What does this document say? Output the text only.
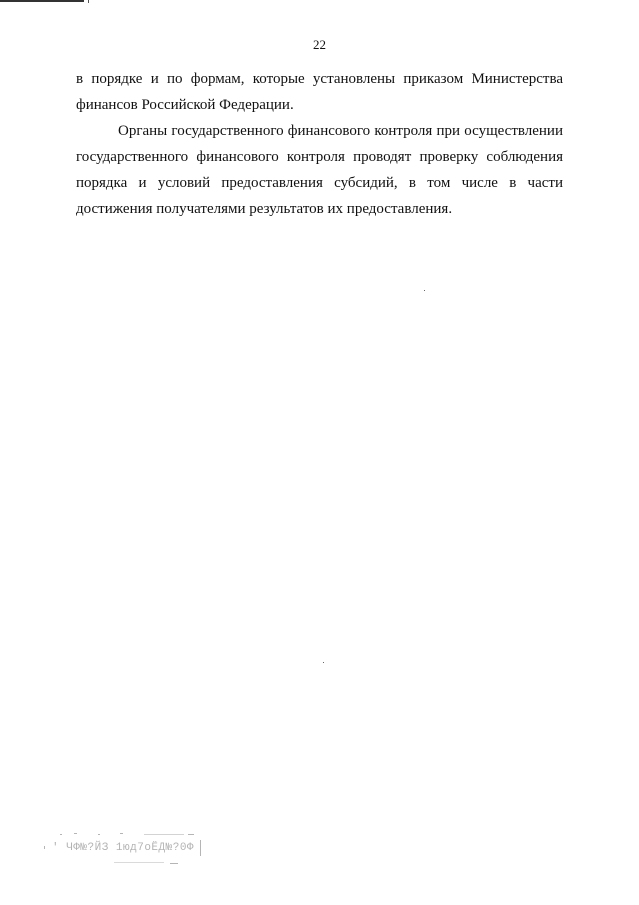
22

в порядке и по формам, которые установлены приказом Министерства финансов Российской Федерации.

Органы государственного финансового контроля при осуществлении государственного финансового контроля проводят проверку соблюдения порядка и условий предоставления субсидий, в том числе в части достижения получателями результатов их предоставления.

' ЧФ№?ЙЗ 1юд7оЁД№?0Ф
